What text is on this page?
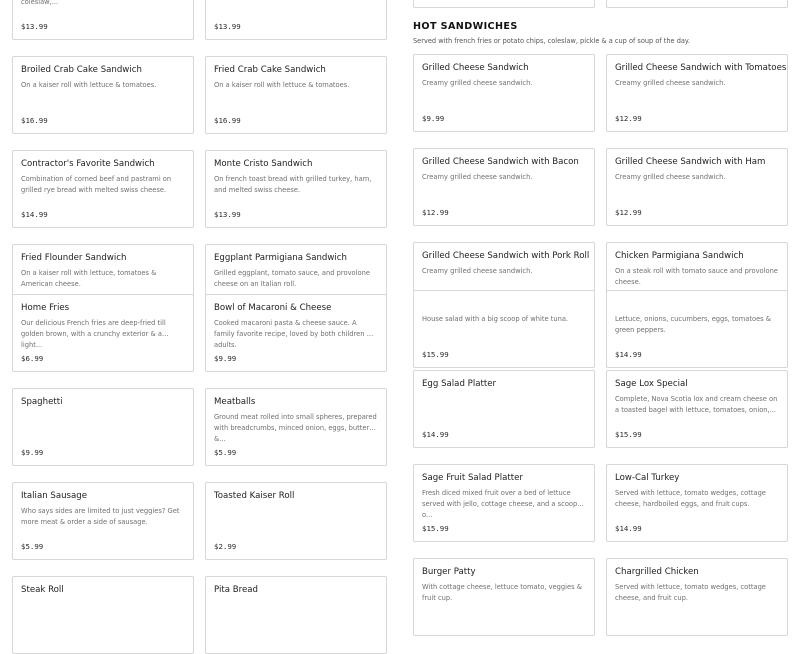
HOT SANDWICHES
Served with french fries or potato chips, coleslaw, pickle & a cup of soup of the day.
coleslaw,...
$13.99	$13.99
Broiled Crab Cake Sandwich
On a kaiser roll with lettuce & tomatoes.
$16.99
Fried Crab Cake Sandwich
On a kaiser roll with lettuce & tomatoes.
$16.99
Contractor's Favorite Sandwich
Combination of corned beef and pastrami on grilled rye bread with melted swiss cheese.
$14.99
Monte Cristo Sandwich
On french toast bread with grilled turkey, ham, and melted swiss cheese.
$13.99
Fried Flounder Sandwich
On a kaiser roll with lettuce, tomatoes & American cheese.
Eggplant Parmigiana Sandwich
Grilled eggplant, tomato sauce, and provolone cheese on an Italian roll.
Home Fries
Our delicious French fries are deep-fried till golden brown, with a crunchy exterior & a light...
$6.99
Bowl of Macaroni & Cheese
Cooked macaroni pasta & cheese sauce. A family favorite recipe, loved by both children & adults.
$9.99
Spaghetti
$9.99
Meatballs
Ground meat rolled into small spheres, prepared with breadcrumbs, minced onion, eggs, butter &...
$5.99
Italian Sausage
Who says sides are limited to just veggies? Get more meat & order a side of sausage.
$5.99
Toasted Kaiser Roll
$2.99
Steak Roll	Pita Bread
Grilled Cheese Sandwich
Creamy grilled cheese sandwich.
$9.99
Grilled Cheese Sandwich with Tomatoes
Creamy grilled cheese sandwich.
$12.99
Grilled Cheese Sandwich with Bacon
Creamy grilled cheese sandwich.
$12.99
Grilled Cheese Sandwich with Ham
Creamy grilled cheese sandwich.
$12.99
Grilled Cheese Sandwich with Pork Roll
Creamy grilled cheese sandwich.
Chicken Parmigiana Sandwich
On a steak roll with tomato sauce and provolone cheese.
House salad with a big scoop of white tuna.
$15.99
Lettuce, onions, cucumbers, eggs, tomatoes & green peppers.
$14.99
Egg Salad Platter
$14.99
Sage Lox Special
Complete, Nova Scotia lox and cream cheese on a toasted bagel with lettuce, tomatoes, onion,...
$15.99
Sage Fruit Salad Platter
Fresh diced mixed fruit over a bed of lettuce served with jello, cottage cheese, and a scoop o...
$15.99
Low-Cal Turkey
Served with lettuce, tomato wedges, cottage cheese, hardboiled eggs, and fruit cups.
$14.99
Burger Patty
With cottage cheese, lettuce tomato, veggies & fruit cup.
Chargrilled Chicken
Served with lettuce, tomato wedges, cottage cheese, and fruit cup.
